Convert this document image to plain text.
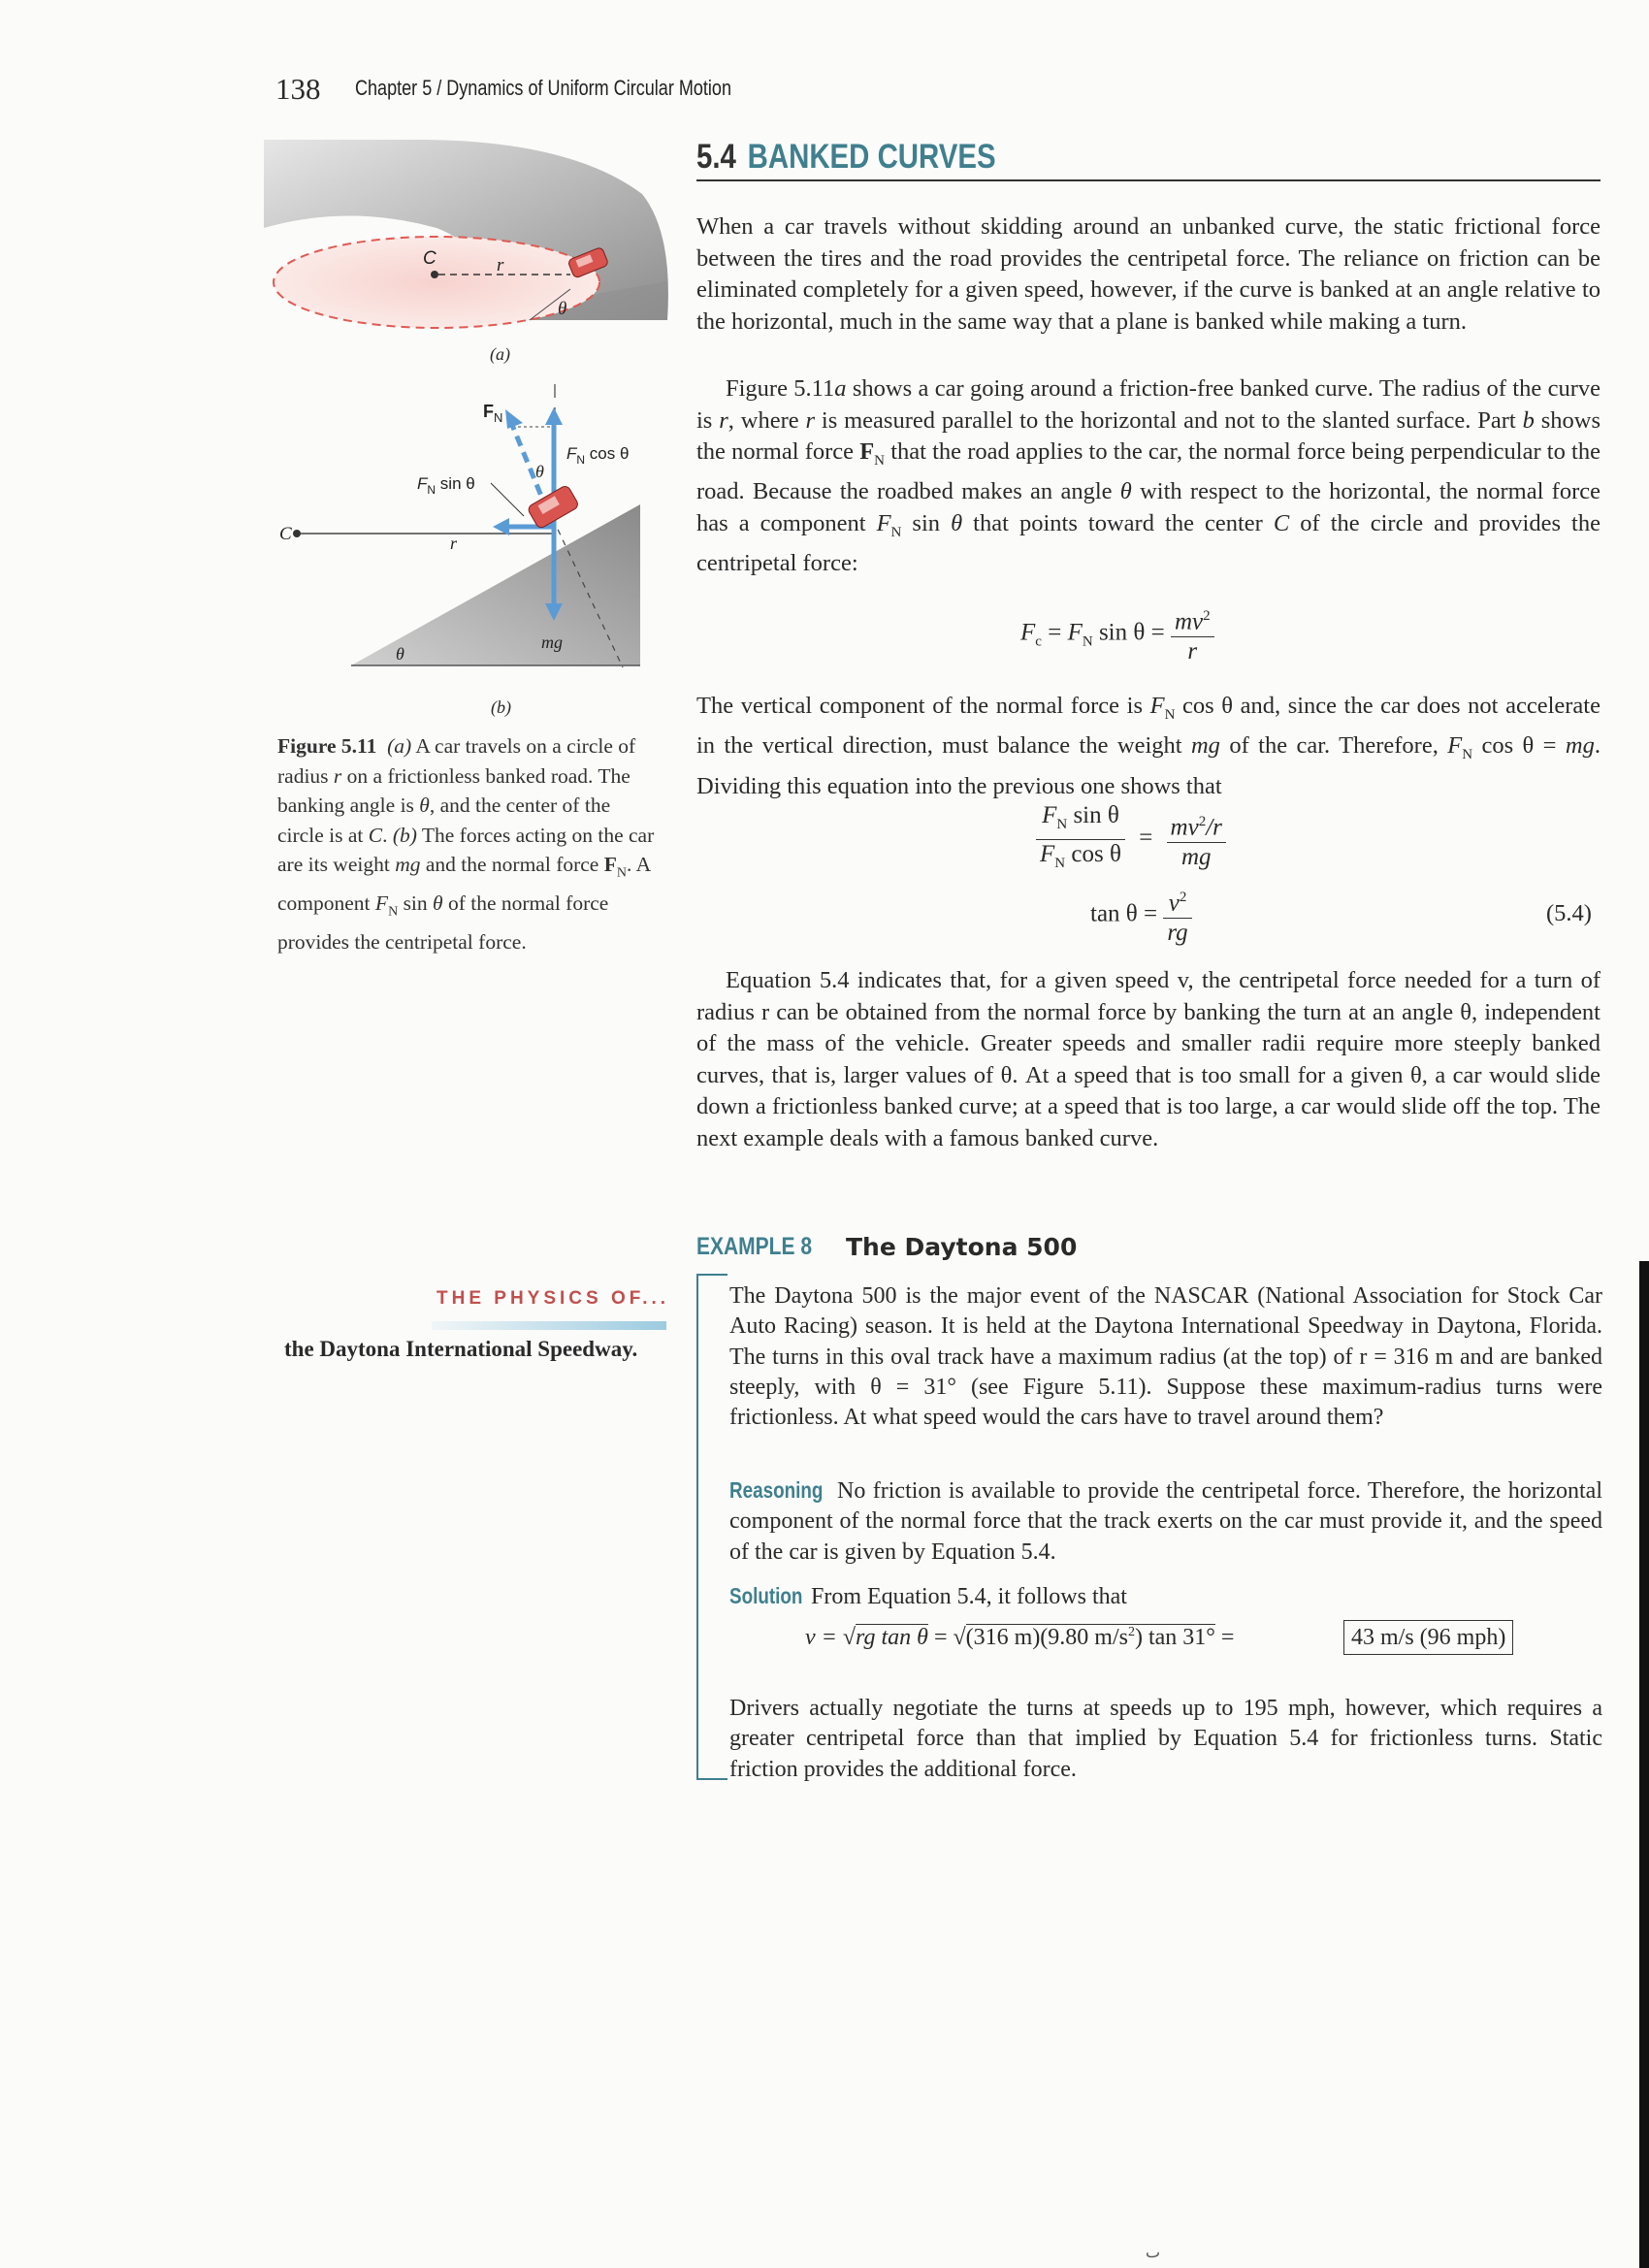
138 Chapter 5 / Dynamics of Uniform Circular Motion
C	r
θ
$F_N$
$F_N$ cos θ
$F_N$ sin θ
θ
C	r
mg
θ
(a)
(b)
Figure 5.11 (a) A car travels on a circle of radius r on a frictionless banked road. The banking angle is θ, and the center of the circle is at C. (b) The forces acting on the car are its weight mg and the normal force $F_N$. A component $F_N$ sin θ of the normal force provides the centripetal force.
5.4 BANKED CURVES
When a car travels without skidding around an unbanked curve, the static frictional force between the tires and the road provides the centripetal force. The reliance on friction can be eliminated completely for a given speed, however, if the curve is banked at an angle relative to the horizontal, much in the same way that a plane is banked while making a turn.
Figure 5.11a shows a car going around a friction-free banked curve. The radius of the curve is r, where r is measured parallel to the horizontal and not to the slanted surface. Part b shows the normal force $F_N$ that the road applies to the car, the normal force being perpendicular to the road. Because the roadbed makes an angle θ with respect to the horizontal, the normal force has a component $F_N$ sin θ that points toward the center C of the circle and provides the centripetal force:
$F_c = F_N$ $\sin \theta = \frac{mv^2}{r}$
The vertical component of the normal force is $F_N$ cos θ and, since the car does not accelerate in the vertical direction, must balance the weight mg of the car. Therefore, $F_N$ cos θ = mg. Dividing this equation into the previous one shows that
$\frac{F_N \sin \theta}{F_N \cos \theta} = \frac{mv^2/r}{mg}$
$\tan \theta = \frac{v^2}{rg}$	(5.4)
Equation 5.4 indicates that, for a given speed v, the centripetal force needed for a turn of radius r can be obtained from the normal force by banking the turn at an angle θ, independent of the mass of the vehicle. Greater speeds and smaller radii require more steeply banked curves, that is, larger values of θ. At a speed that is too small for a given θ, a car would slide down a frictionless banked curve; at a speed that is too large, a car would slide off the top. The next example deals with a famous banked curve.
THE PHYSICS OF...
the Daytona International Speedway.
EXAMPLE 8 The Daytona 500
The Daytona 500 is the major event of the NASCAR (National Association for Stock Car Auto Racing) season. It is held at the Daytona International Speedway in Daytona, Florida. The turns in this oval track have a maximum radius (at the top) of r = 316 m and are banked steeply, with θ = 31° (see Figure 5.11). Suppose these maximum-radius turns were frictionless. At what speed would the cars have to travel around them?
Reasoning No friction is available to provide the centripetal force. Therefore, the horizontal component of the normal force that the track exerts on the car must provide it, and the speed of the car is given by Equation 5.4.
Solution From Equation 5.4, it follows that
v = √rg tan θ = √(316 m)(9.80 $m/s^2$) tan 31° =	43 m/s (96 mph)
Drivers actually negotiate the turns at speeds up to 195 mph, however, which requires a greater centripetal force than that implied by Equation 5.4 for frictionless turns. Static friction provides the additional force.
ٮ
